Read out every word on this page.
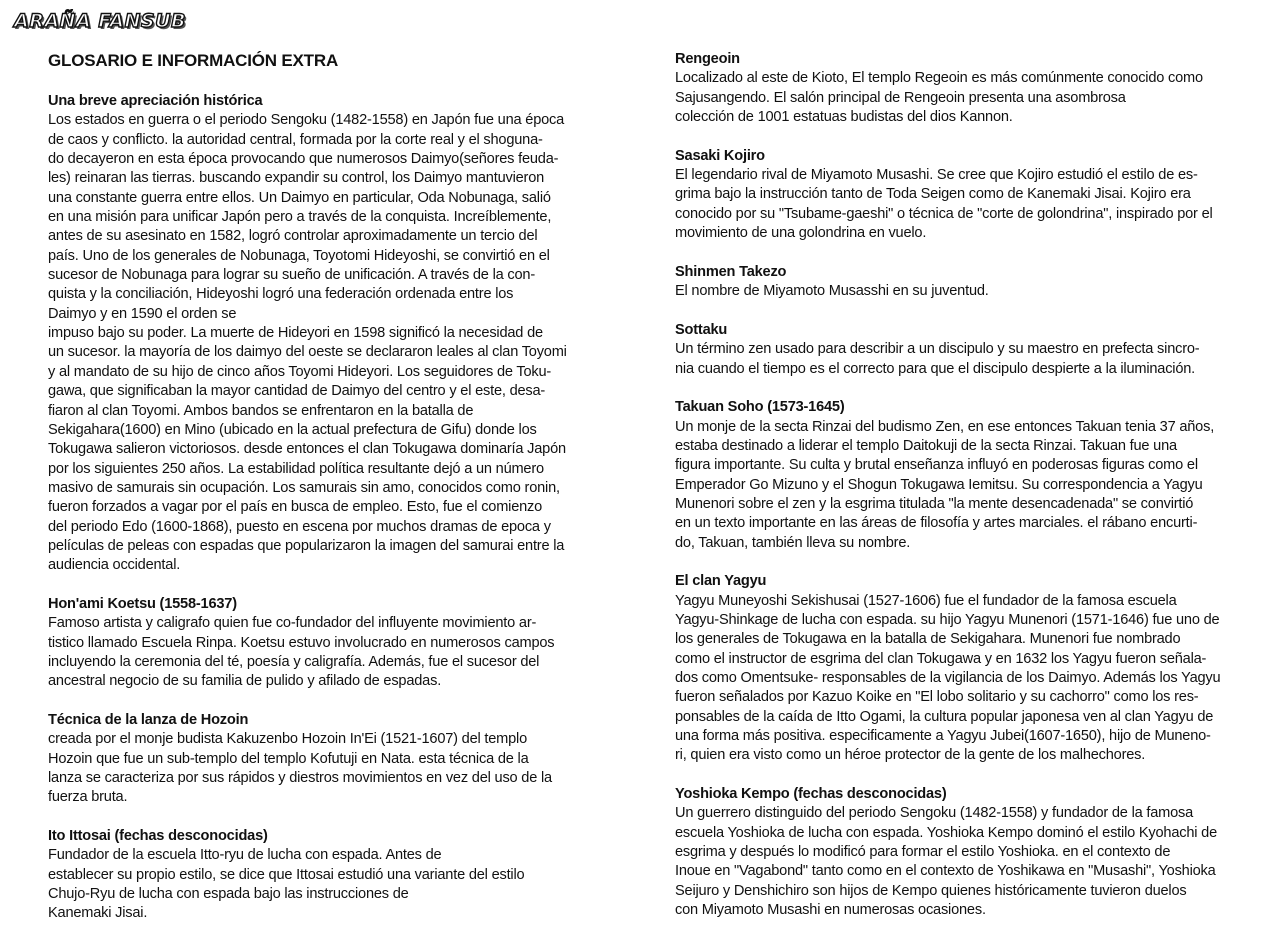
ARAÑA FANSUB
GLOSARIO E INFORMACIÓN EXTRA
Una breve apreciación histórica
Los estados en guerra o el periodo Sengoku (1482-1558) en Japón fue una época
de caos y conflicto. la autoridad central, formada por la corte real y el shoguna-
do decayeron en esta época provocando que numerosos Daimyo(señores feuda-
les) reinaran las tierras. buscando expandir su control, los Daimyo mantuvieron
una constante guerra entre ellos. Un Daimyo en particular, Oda Nobunaga, salió
en una misión para unificar Japón pero a través de la conquista. Increíblemente,
antes de su asesinato en 1582, logró controlar aproximadamente un tercio del
país. Uno de los generales de Nobunaga, Toyotomi Hideyoshi, se convirtió en el
sucesor de Nobunaga para lograr su sueño de unificación. A través de la con-
quista y la conciliación, Hideyoshi logró una federación ordenada entre los
Daimyo y en 1590 el orden se
impuso bajo su poder. La muerte de Hideyori en 1598 significó la necesidad de
un sucesor. la mayoría de los daimyo del oeste se declararon leales al clan Toyomi
y al mandato de su hijo de cinco años Toyomi Hideyori. Los seguidores de Toku-
gawa, que significaban la mayor cantidad de Daimyo del centro y el este, desa-
fiaron al clan Toyomi. Ambos bandos se enfrentaron en la batalla de
Sekigahara(1600) en Mino (ubicado en la actual prefectura de Gifu) donde los
Tokugawa salieron victoriosos. desde entonces el clan Tokugawa dominaría Japón
por los siguientes 250 años. La estabilidad política resultante dejó a un número
masivo de samurais sin ocupación. Los samurais sin amo, conocidos como ronin,
fueron forzados a vagar por el país en busca de empleo. Esto, fue el comienzo
del periodo Edo (1600-1868), puesto en escena por muchos dramas de epoca y
películas de peleas con espadas que popularizaron la imagen del samurai entre la
audiencia occidental.
Hon'ami Koetsu (1558-1637)
Famoso artista y caligrafo quien fue co-fundador del influyente movimiento ar-
tistico llamado Escuela Rinpa. Koetsu estuvo involucrado en numerosos campos
incluyendo la ceremonia del té, poesía y caligrafía. Además, fue el sucesor del
ancestral negocio de su familia de pulido y afilado de espadas.
Técnica de la lanza de Hozoin
creada por el monje budista Kakuzenbo Hozoin In'Ei (1521-1607) del templo
Hozoin que fue un sub-templo del templo Kofutuji en Nata. esta técnica de la
lanza se caracteriza por sus rápidos y diestros movimientos en vez del uso de la
fuerza bruta.
Ito Ittosai (fechas desconocidas)
Fundador de la escuela Itto-ryu de lucha con espada. Antes de
establecer su propio estilo, se dice que Ittosai estudió una variante del estilo
Chujo-Ryu de lucha con espada bajo las instrucciones de
Kanemaki Jisai.
Rengeoin
Localizado al este de Kioto, El templo Regeoin es más comúnmente conocido como
Sajusangendo. El salón principal de Rengeoin presenta una asombrosa
colección de 1001 estatuas budistas del dios Kannon.
Sasaki Kojiro
El legendario rival de Miyamoto Musashi. Se cree que Kojiro estudió el estilo de es-
grima bajo la instrucción tanto de Toda Seigen como de Kanemaki Jisai. Kojiro era
conocido por su "Tsubame-gaeshi" o técnica de "corte de golondrina", inspirado por el
movimiento de una golondrina en vuelo.
Shinmen Takezo
El nombre de Miyamoto Musasshi en su juventud.
Sottaku
Un término zen usado para describir a un discipulo y su maestro en prefecta sincro-
nia cuando el tiempo es el correcto para que el discipulo despierte a la iluminación.
Takuan Soho (1573-1645)
Un monje de la secta Rinzai del budismo Zen, en ese entonces Takuan tenia 37 años,
estaba destinado a liderar el templo Daitokuji de la secta Rinzai. Takuan fue una
figura importante. Su culta y brutal enseñanza influyó en poderosas figuras como el
Emperador Go Mizuno y el Shogun Tokugawa Iemitsu. Su correspondencia a Yagyu
Munenori sobre el zen y la esgrima titulada "la mente desencadenada" se convirtió
en un texto importante en las áreas de filosofía y artes marciales. el rábano encurti-
do, Takuan, también lleva su nombre.
El clan Yagyu
Yagyu Muneyoshi Sekishusai (1527-1606) fue el fundador de la famosa escuela
Yagyu-Shinkage de lucha con espada. su hijo Yagyu Munenori (1571-1646) fue uno de
los generales de Tokugawa en la batalla de Sekigahara. Munenori fue nombrado
como el instructor de esgrima del clan Tokugawa y en 1632 los Yagyu fueron señala-
dos como Omentsuke- responsables de la vigilancia de los Daimyo. Además los Yagyu
fueron señalados por Kazuo Koike en "El lobo solitario y su cachorro" como los res-
ponsables de la caída de Itto Ogami, la cultura popular japonesa ven al clan Yagyu de
una forma más positiva. especificamente a Yagyu Jubei(1607-1650), hijo de Muneno-
ri, quien era visto como un héroe protector de la gente de los malhechores.
Yoshioka Kempo (fechas desconocidas)
Un guerrero distinguido del periodo Sengoku (1482-1558) y fundador de la famosa
escuela Yoshioka de lucha con espada. Yoshioka Kempo dominó el estilo Kyohachi de
esgrima y después lo modificó para formar el estilo Yoshioka. en el contexto de
Inoue en "Vagabond" tanto como en el contexto de Yoshikawa en "Musashi", Yoshioka
Seijuro y Denshichiro son hijos de Kempo quienes históricamente tuvieron duelos
con Miyamoto Musashi en numerosas ocasiones.
